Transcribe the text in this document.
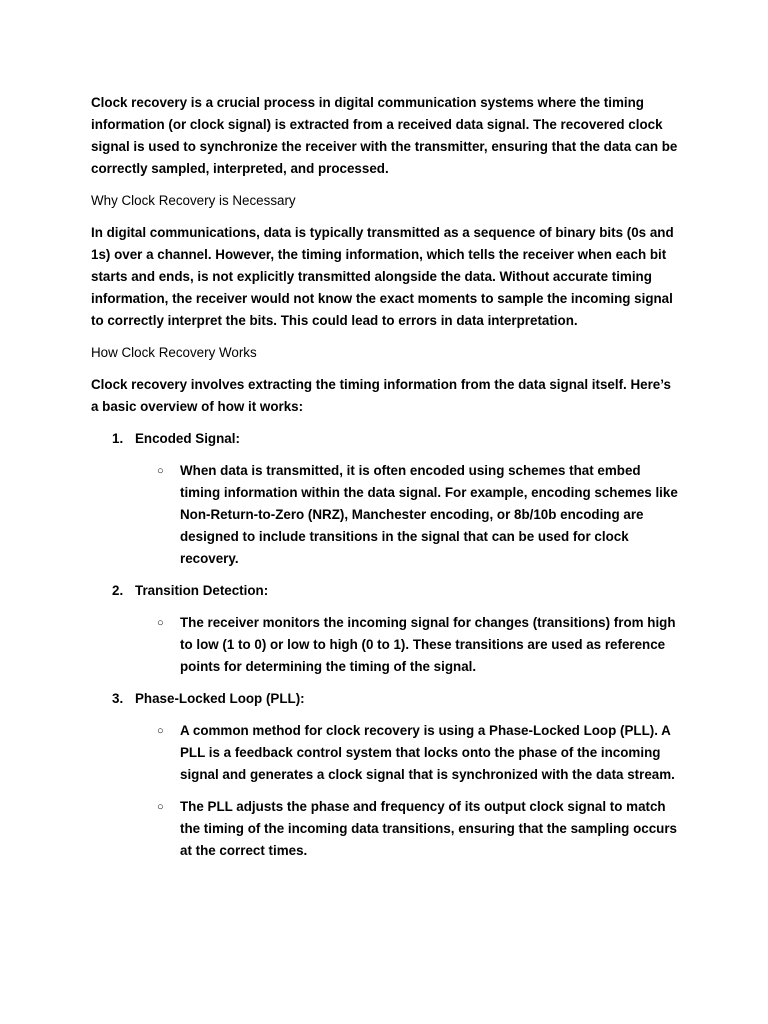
Clock recovery is a crucial process in digital communication systems where the timing information (or clock signal) is extracted from a received data signal. The recovered clock signal is used to synchronize the receiver with the transmitter, ensuring that the data can be correctly sampled, interpreted, and processed.

Why Clock Recovery is Necessary

In digital communications, data is typically transmitted as a sequence of binary bits (0s and 1s) over a channel. However, the timing information, which tells the receiver when each bit starts and ends, is not explicitly transmitted alongside the data. Without accurate timing information, the receiver would not know the exact moments to sample the incoming signal to correctly interpret the bits. This could lead to errors in data interpretation.

How Clock Recovery Works

Clock recovery involves extracting the timing information from the data signal itself. Here’s a basic overview of how it works:

1. Encoded Signal:
○ When data is transmitted, it is often encoded using schemes that embed timing information within the data signal. For example, encoding schemes like Non-Return-to-Zero (NRZ), Manchester encoding, or 8b/10b encoding are designed to include transitions in the signal that can be used for clock recovery.
2. Transition Detection:
○ The receiver monitors the incoming signal for changes (transitions) from high to low (1 to 0) or low to high (0 to 1). These transitions are used as reference points for determining the timing of the signal.
3. Phase-Locked Loop (PLL):
○ A common method for clock recovery is using a Phase-Locked Loop (PLL). A PLL is a feedback control system that locks onto the phase of the incoming signal and generates a clock signal that is synchronized with the data stream.
○ The PLL adjusts the phase and frequency of its output clock signal to match the timing of the incoming data transitions, ensuring that the sampling occurs at the correct times.
